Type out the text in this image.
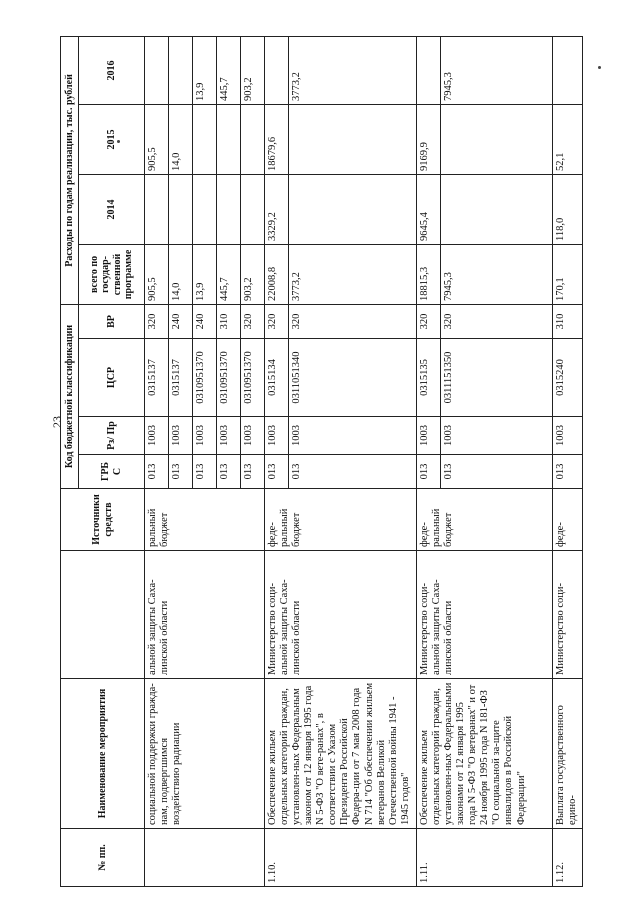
23
№ пп.	Наименование мероприятия		Источники средств	Код бюджетной классификации				Расходы по годам реализации, тыс. рублей			
				ГРБ С	Рз/ Пр	ЦСР	ВР	всего по государ-ственной программе	2014	2015	2016
	социальной поддержки граждa-нам, подвергшимся воздействию радиации	альной защиты Саха-линской области	ральный бюджет	013	1003	0315137	320	905,5		905,5	
				013	1003	0315137	240	14,0		14,0	
				013	1003	0310951370	240	13,9			13,9
				013	1003	0310951370	310	445,7			445,7
				013	1003	0310951370	320	903,2			903,2
1.10.	Обеспечение жильем отдельных категорий граждан, установлен-ных Федеральным законом от 12 января 1995 года N 5-ФЗ "О вете-ранах", в соответствии с Указом Президента Российской Федера-ции от 7 мая 2008 года N 714 "Об обеспечении жильем ветеранов Великой Отечественной войны 1941 - 1945 годов"	Министерство соци-альной защиты Саха-линской области	феде-ральный бюджет	013	1003	0315134	320	22008,8	3329,2	18679,6	
				013	1003	0311051340	320	3773,2			3773,2
1.11.	Обеспечение жильем отдельных категорий граждан, установлен-ных Федеральными законами от 12 января 1995 года N 5-ФЗ "О ветеранах" и от 24 ноября 1995 года N 181-ФЗ "О социальной за-щите инвалидов в Российской Федерации"	Министерство соци-альной защиты Саха-линской области	феде-ральный бюджет	013	1003	0315135	320	18815,3	9645,4	9169,9	
				013	1003	0311151350	320	7945,3			7945,3
1.12.	Выплата государственного едино-	Министерство соци-	феде-	013	1003	0315240	310	170,1	118,0	52,1	
